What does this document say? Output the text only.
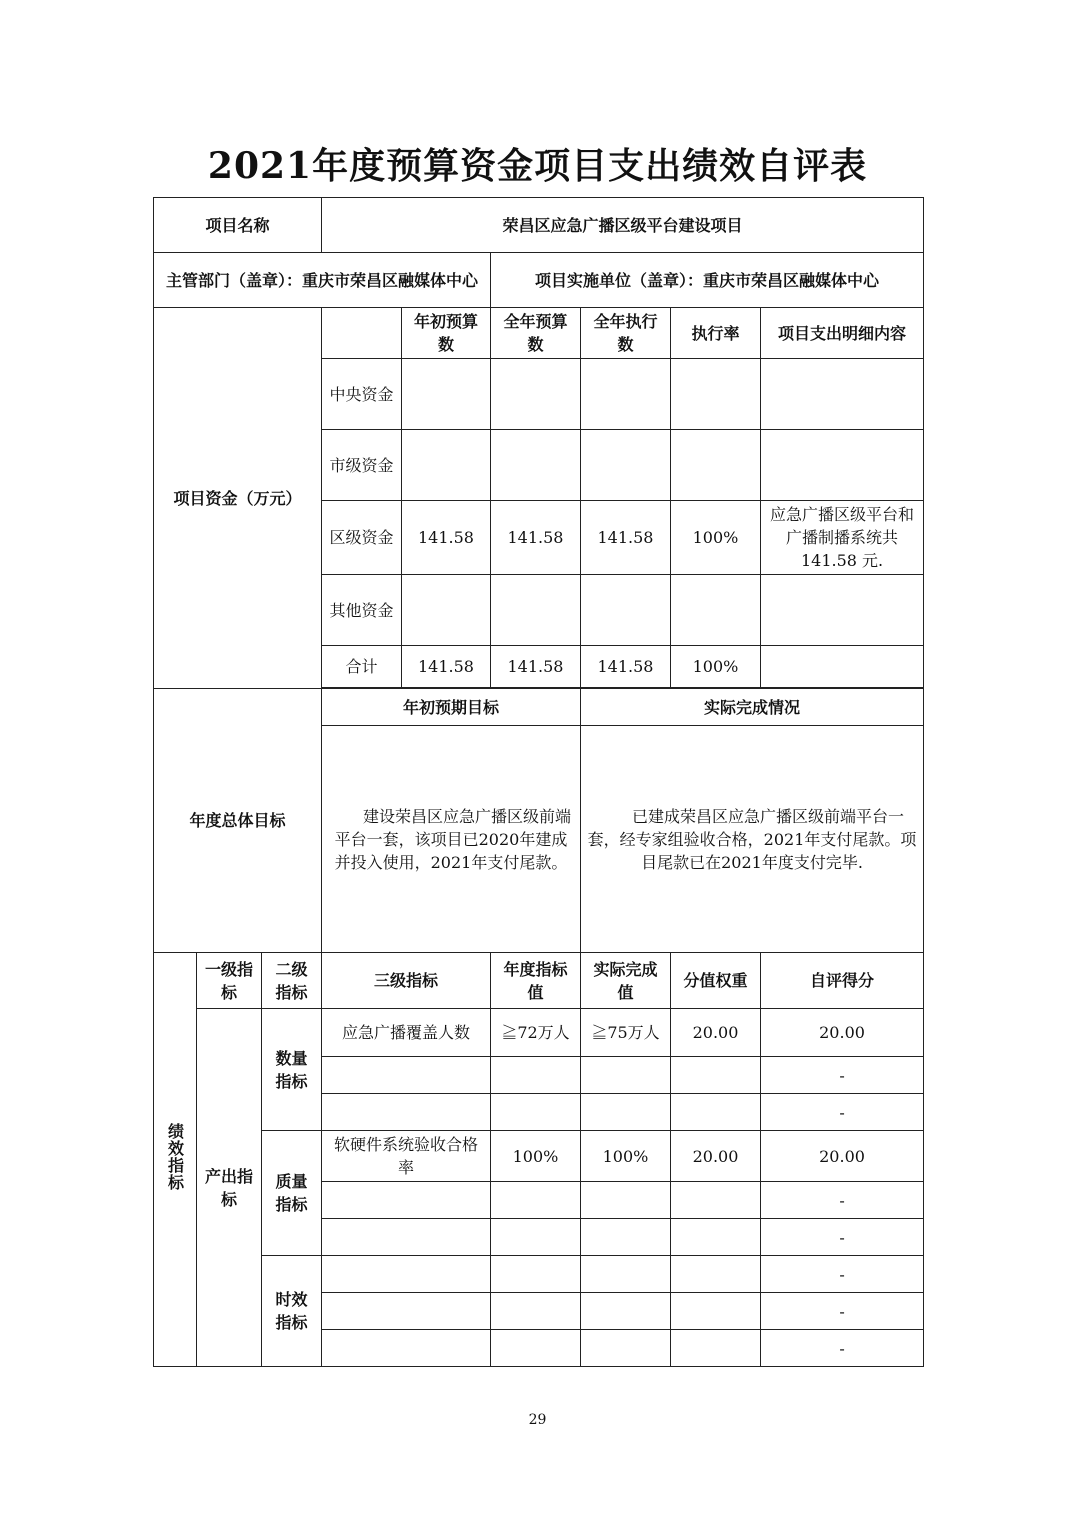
2021年度预算资金项目支出绩效自评表
项目名称			荣昌区应急广播区级平台建设项目					
主管部门（盖章）：重庆市荣昌区融媒体中心					项目实施单位（盖章）：重庆市荣昌区融媒体中心			
项目资金（万元）				年初预算数	全年预算数	全年执行数	执行率	项目支出明细内容
			中央资金					
			市级资金					
			区级资金	141.58	141.58	141.58	100%	应急广播区级平台和广播制播系统共 141.58 元.
			其他资金					
			合计	141.58	141.58	141.58	100%	

年度总体目标			年初预期目标			实际完成情况		
			建设荣昌区应急广播区级前端平台一套，该项目已2020年建成并投入使用，2021年支付尾款。			已建成荣昌区应急广播区级前端平台一套，经专家组验收合格，2021年支付尾款。项目尾款已在2021年度支付完毕.		
绩效指标	一级指标	二级指标	三级指标		年度指标值	实际完成值	分值权重	自评得分
	产出指标	数量指标	应急广播覆盖人数		≧72万人	≧75万人	20.00	20.00
								-
								-
		质量指标	软硬件系统验收合格率		100%	100%	20.00	20.00
								-
								-
		时效指标						-
								-
								-
29
